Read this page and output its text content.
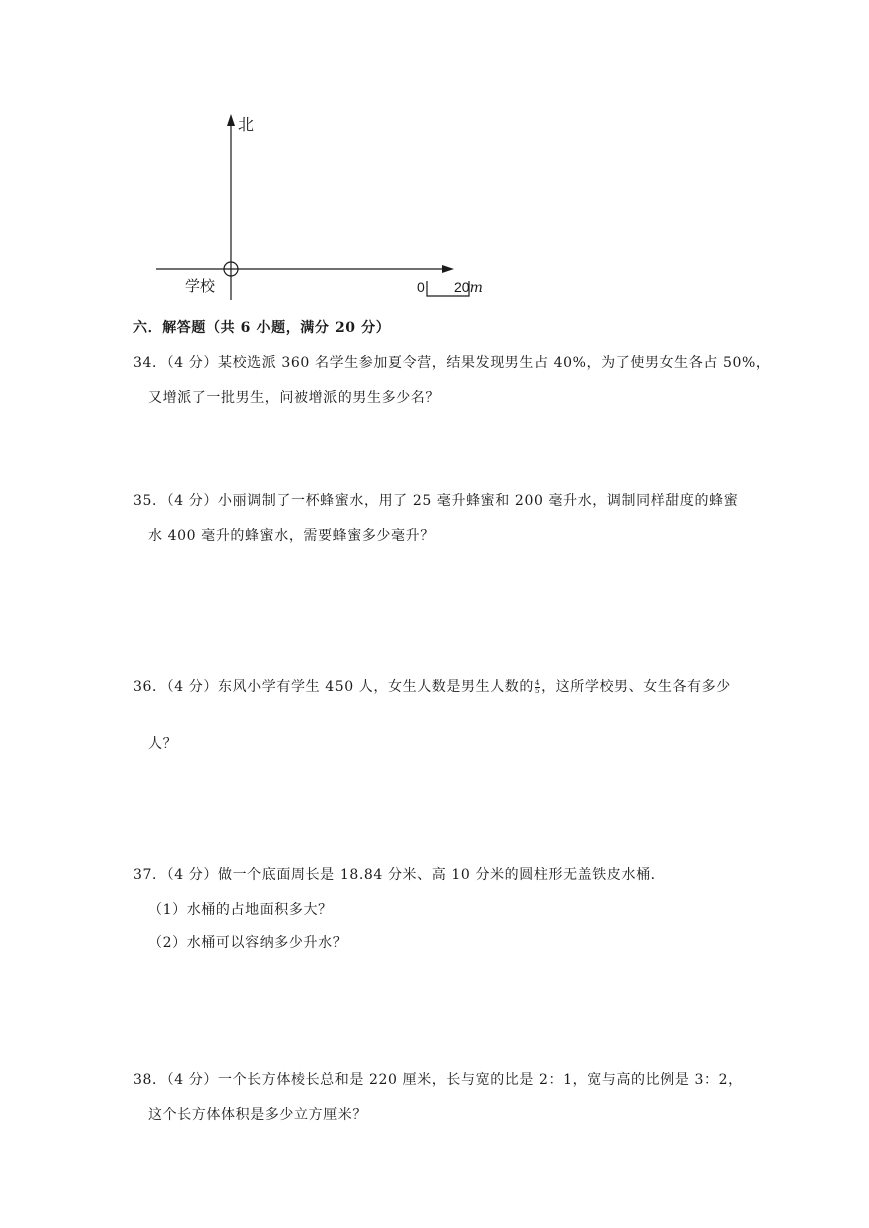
北
学校	0 20m
六．解答题（共 6 小题，满分 20 分）
34．（4 分）某校选派 360 名学生参加夏令营，结果发现男生占 40%，为了使男女生各占 50%，
又增派了一批男生，问被增派的男生多少名？
35．（4 分）小丽调制了一杯蜂蜜水，用了 25 毫升蜂蜜和 200 毫升水，调制同样甜度的蜂蜜
水 400 毫升的蜂蜜水，需要蜂蜜多少毫升？
36．（4 分）东风小学有学生 450 人，女生人数是男生人数的 $\frac{4}{5}$ ，这所学校男、女生各有多少
人？
37．（4 分）做一个底面周长是 18.84 分米、高 10 分米的圆柱形无盖铁皮水桶．
（1）水桶的占地面积多大？
（2）水桶可以容纳多少升水？
38．（4 分）一个长方体棱长总和是 220 厘米，长与宽的比是 2：1，宽与高的比例是 3：2，
这个长方体体积是多少立方厘米？
